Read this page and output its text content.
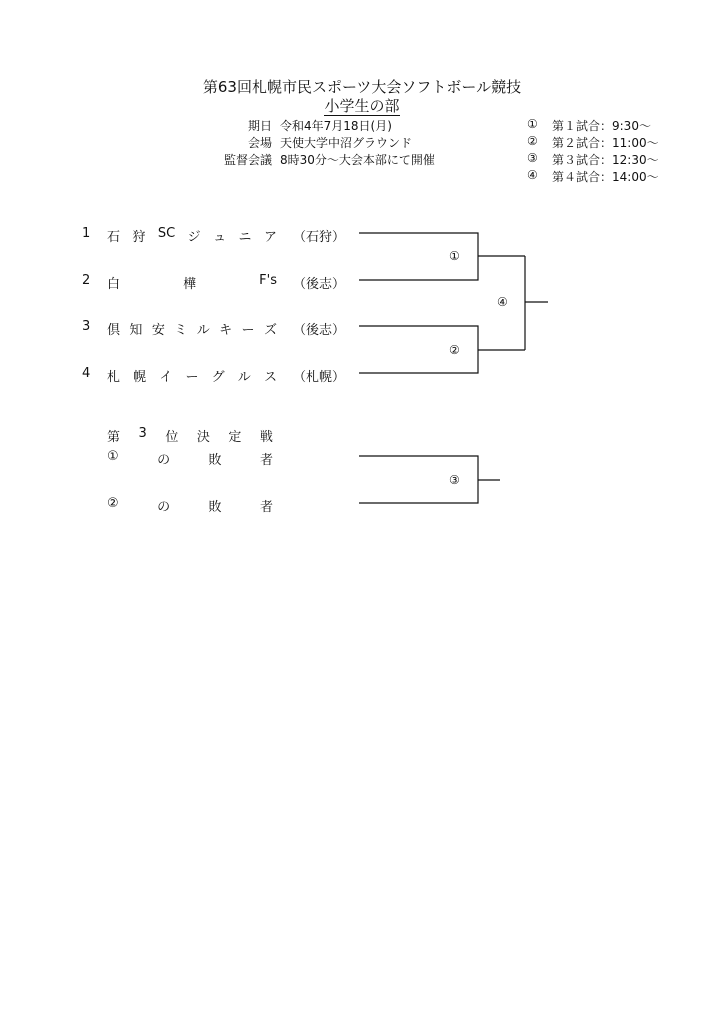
第63回札幌市民スポーツ大会ソフトボール競技
小学生の部
期日 令和4年7月18日(月)
会場 天使大学中沼グラウンド
監督会議 8時30分～大会本部にて開催
① 第１試合：9:30～
② 第２試合：11:00～
③ 第３試合：12:30～
④ 第４試合：14:00～
1 石 狩 SC ジ ュ ニ ア （石狩）
2 白	樺	F's （後志）
3 倶 知 安 ミ ル キ ー ズ （後志）
4 札 幌 イ ー グ ル ス （札幌）
①
②
④
③
第 3 位 決 定 戦
①	の	敗	者
②	の	敗	者
